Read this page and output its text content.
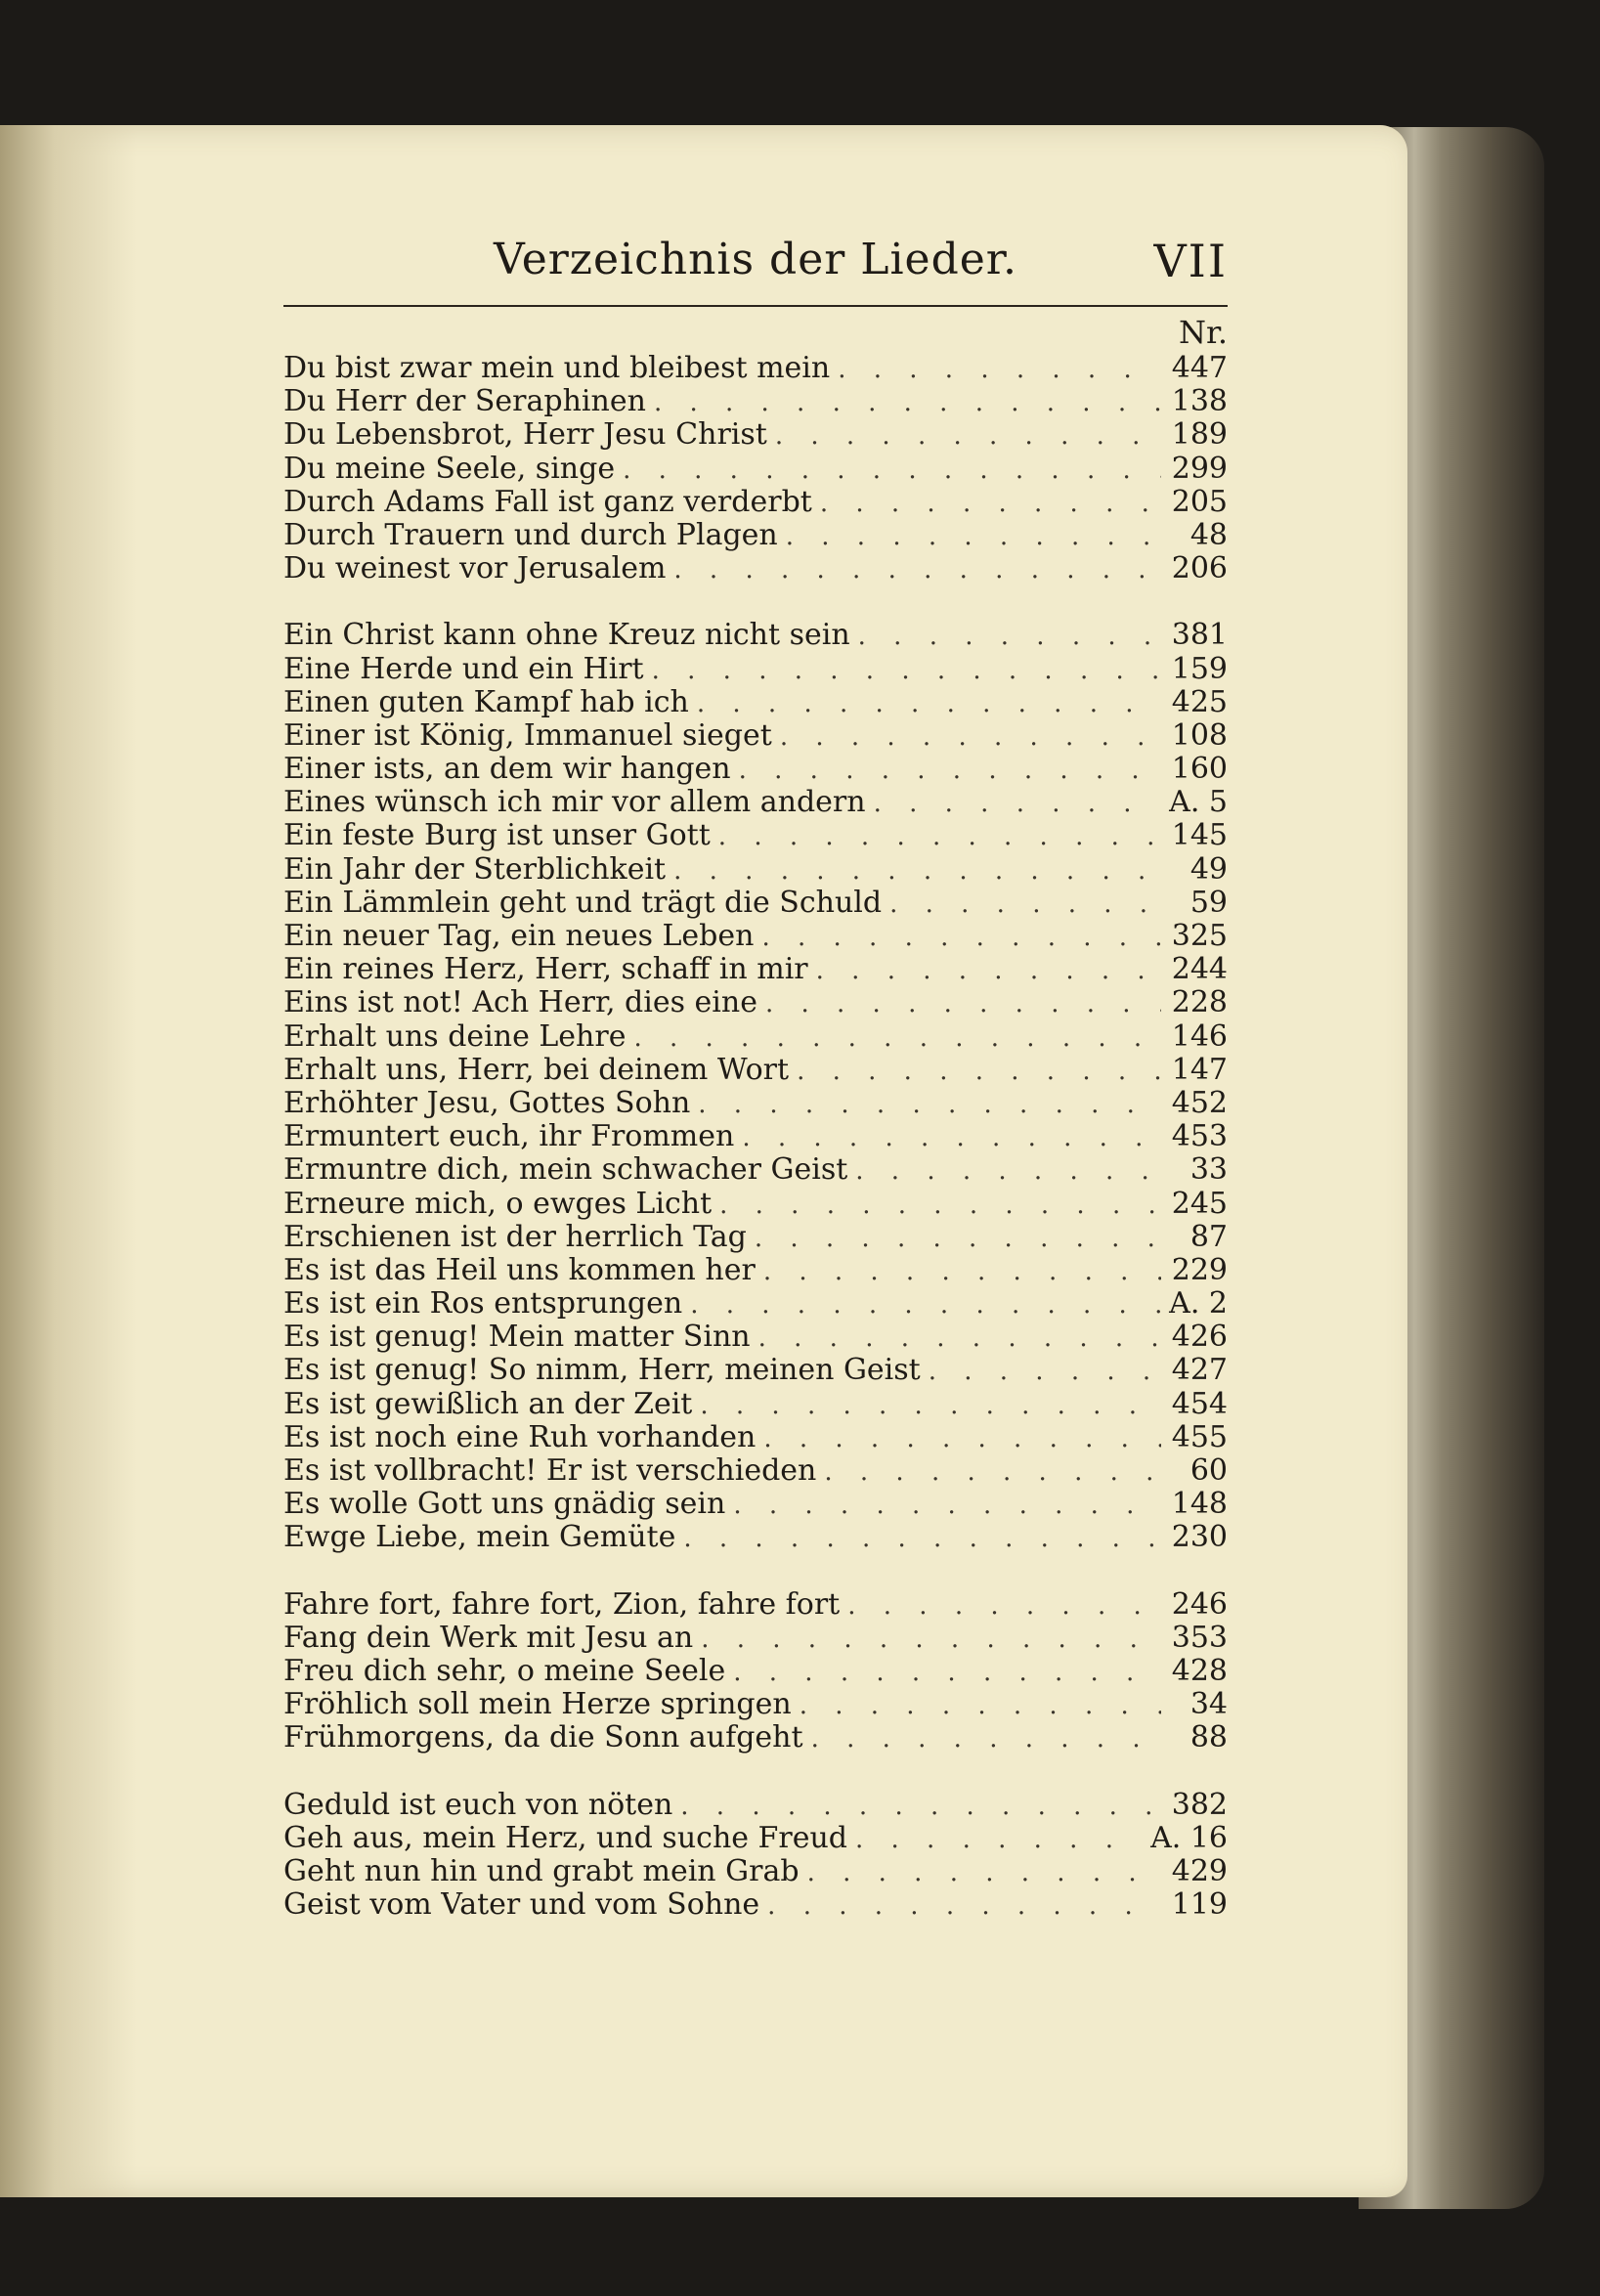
Verzeichnis der Lieder.	VII
Nr.
Du bist zwar mein und bleibest mein . . .	447
Du Herr der Seraphinen . . .	138
Du Lebensbrot, Herr Jesu Christ . . .	189
Du meine Seele, singe . . .	299
Durch Adams Fall ist ganz verderbt . . .	205
Durch Trauern und durch Plagen . . .	48
Du weinest vor Jerusalem . . .	206
Ein Christ kann ohne Kreuz nicht sein . . .	381
Eine Herde und ein Hirt . . .	159
Einen guten Kampf hab ich . . .	425
Einer ist König, Immanuel sieget . . .	108
Einer ists, an dem wir hangen . . .	160
Eines wünsch ich mir vor allem andern . . .	A. 5
Ein feste Burg ist unser Gott . . .	145
Ein Jahr der Sterblichkeit . . .	49
Ein Lämmlein geht und trägt die Schuld . . .	59
Ein neuer Tag, ein neues Leben . . .	325
Ein reines Herz, Herr, schaff in mir . . .	244
Eins ist not! Ach Herr, dies eine . . .	228
Erhalt uns deine Lehre . . .	146
Erhalt uns, Herr, bei deinem Wort . . .	147
Erhöhter Jesu, Gottes Sohn . . .	452
Ermuntert euch, ihr Frommen . . .	453
Ermuntre dich, mein schwacher Geist . . .	33
Erneure mich, o ewges Licht . . .	245
Erschienen ist der herrlich Tag . . .	87
Es ist das Heil uns kommen her . . .	229
Es ist ein Ros entsprungen . . .	A. 2
Es ist genug! Mein matter Sinn . . .	426
Es ist genug! So nimm, Herr, meinen Geist . . .	427
Es ist gewißlich an der Zeit . . .	454
Es ist noch eine Ruh vorhanden . . .	455
Es ist vollbracht! Er ist verschieden . . .	60
Es wolle Gott uns gnädig sein . . .	148
Ewge Liebe, mein Gemüte . . .	230
Fahre fort, fahre fort, Zion, fahre fort . . .	246
Fang dein Werk mit Jesu an . . .	353
Freu dich sehr, o meine Seele . . .	428
Fröhlich soll mein Herze springen . . .	34
Frühmorgens, da die Sonn aufgeht . . .	88
Geduld ist euch von nöten . . .	382
Geh aus, mein Herz, und suche Freud . . .	A. 16
Geht nun hin und grabt mein Grab . . .	429
Geist vom Vater und vom Sohne . . .	119
